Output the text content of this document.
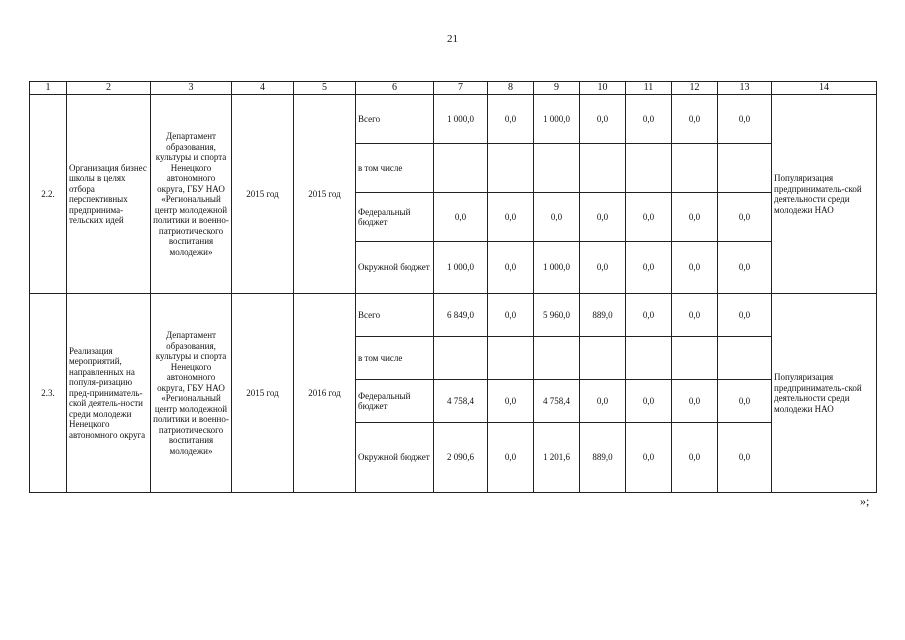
21
1	2	3	4	5	6	7	8	9	10	11	12	13	14
2.2.	Организация бизнес школы в целях отбора перспективных предпринима-тельских идей	Департамент образования, культуры и спорта Ненецкого автономного округа, ГБУ НАО «Региональный центр молодежной политики и военно-патриотического воспитания молодежи»	2015 год	2015 год	Всего	1 000,0	0,0	1 000,0	0,0	0,0	0,0	0,0	Популяризация предприниматель-ской деятельности среди молодежи НАО
					в том числе								
					Федеральный бюджет	0,0	0,0	0,0	0,0	0,0	0,0	0,0	
					Окружной бюджет	1 000,0	0,0	1 000,0	0,0	0,0	0,0	0,0	
2.3.	Реализация мероприятий, направленных на популя-ризацию пред-приниматель-ской деятель-ности среди молодежи Ненецкого автономного округа	Департамент образования, культуры и спорта Ненецкого автономного округа, ГБУ НАО «Региональный центр молодежной политики и военно-патриотического воспитания молодежи»	2015 год	2016 год	Всего	6 849,0	0,0	5 960,0	889,0	0,0	0,0	0,0	Популяризация предприниматель-ской деятельности среди молодежи НАО
					в том числе								
					Федеральный бюджет	4 758,4	0,0	4 758,4	0,0	0,0	0,0	0,0	
					Окружной бюджет	2 090,6	0,0	1 201,6	889,0	0,0	0,0	0,0	
»;
